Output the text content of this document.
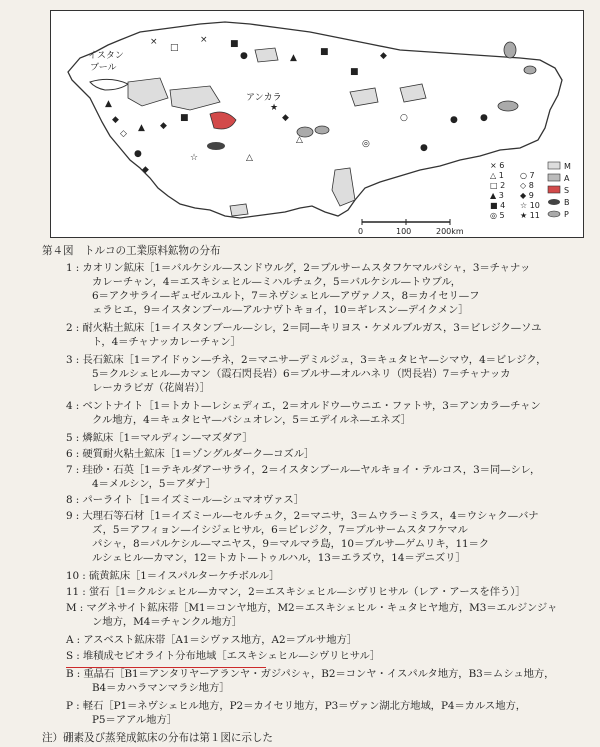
×
□
× ■
●	▲
■
■
◆
▲
◆
◇
▲ ◆
■
●
◆
☆	△
★
◆
△
○	● ●
◎	●
× 6
△ 1 ○ 7
□ 2 ◇ 8
▲ 3 ◆ 9
■ 4 ☆ 10
◎ 5 ★ 11
M
A
S
B
P
0	100	200km
イスタン
ブール
アンカラ
第４図　トルコの工業原料鉱物の分布
1 : カオリン鉱床［1＝バルケシル—スンドウルグ，2＝ブルサームスタフケマルパシャ，3＝チャナッ
カレーチャン，4＝エスキシェヒル—ミハルチュク，5＝バルケシル—トウブル，
6＝アクサライ—ギュゼルユルト，7＝ネヴシェヒル—アヴァノス，8＝カイセリ—フ
ェラヒエ，9＝イスタンブール—アルナヴトキョイ，10＝ギレスン—デイクメン］
2 : 耐火粘土鉱床［1＝イスタンブール—シレ，2＝同—キリヨス・ケメルブルガス，3＝ビレジク—ソユ
ト，4＝チャナッカレーチャン］
3 : 長石鉱床［1＝アイドゥン—チネ，2＝マニサ—デミルジュ，3＝キュタヒヤ—シマウ，4＝ビレジク，
5＝クルシェヒル—カマン（霞石閃長岩）6＝ブルサ—オルハネリ（閃長岩）7＝チャナッカ
レーカラビガ（花崗岩）］
4 : ベントナイト［1＝トカト—レシェディエ，2＝オルドウ—ウニエ・ファトサ，3＝アンカラ—チャン
クル地方，4＝キュタヒヤ—バシュオレン，5＝エデイルネ—エネズ］
5 : 燐鉱床［1＝マルディン—マズダア］
6 : 硬質耐火粘土鉱床［1＝ゾングルダーク—コズル］
7 : 珪砂・石英［1＝テキルダアーサライ，2＝イスタンブール—ヤルキョイ・テルコス，3＝同—シレ，
4＝メルシン，5＝アダナ］
8 : パーライト［1＝イズミール—シュマオヴァス］
9 : 大理石等石材［1＝イズミール—セルチュク，2＝マニサ，3＝ムウラーミラス，4＝ウシャク—バナ
ズ，5＝アフィョン—イシジェヒサル，6＝ビレジク，7＝ブルサームスタフケマル
パシャ，8＝バルケシル—マニヤス，9＝マルマラ島，10＝ブルサ—ゲムリキ，11＝ク
ルシェヒル—カマン，12＝トカト—トゥルハル，13＝エラズウ，14＝デニズリ］
10 : 硫黄鉱床［1＝イスパルターケチボルル］
11 : 蛍石［1＝クルシェヒル—カマン，2＝エスキシェヒル—シヴリヒサル（レア・アースを伴う）］
M : マグネサイト鉱床帯［M1＝コンヤ地方，M2＝エスキシェヒル・キュタヒヤ地方，M3＝エルジンジャ
ン地方，M4＝チャンクル地方］
A : アスベスト鉱床帯［A1＝シヴァス地方，A2＝ブルサ地方］
S : 堆積成セピオライト分布地域［エスキシェヒル—シヴリヒサル］
B : 重晶石［B1＝アンタリヤーアランヤ・ガジパシャ，B2＝コンヤ・イスパルタ地方，B3＝ムシュ地方，
B4＝カハラマンマラシ地方］
P : 軽石［P1＝ネヴシェヒル地方，P2＝カイセリ地方，P3＝ヴァン湖北方地域，P4＝カルス地方，
P5＝アアル地方］
注）硼素及び蒸発成鉱床の分布は第１図に示した
